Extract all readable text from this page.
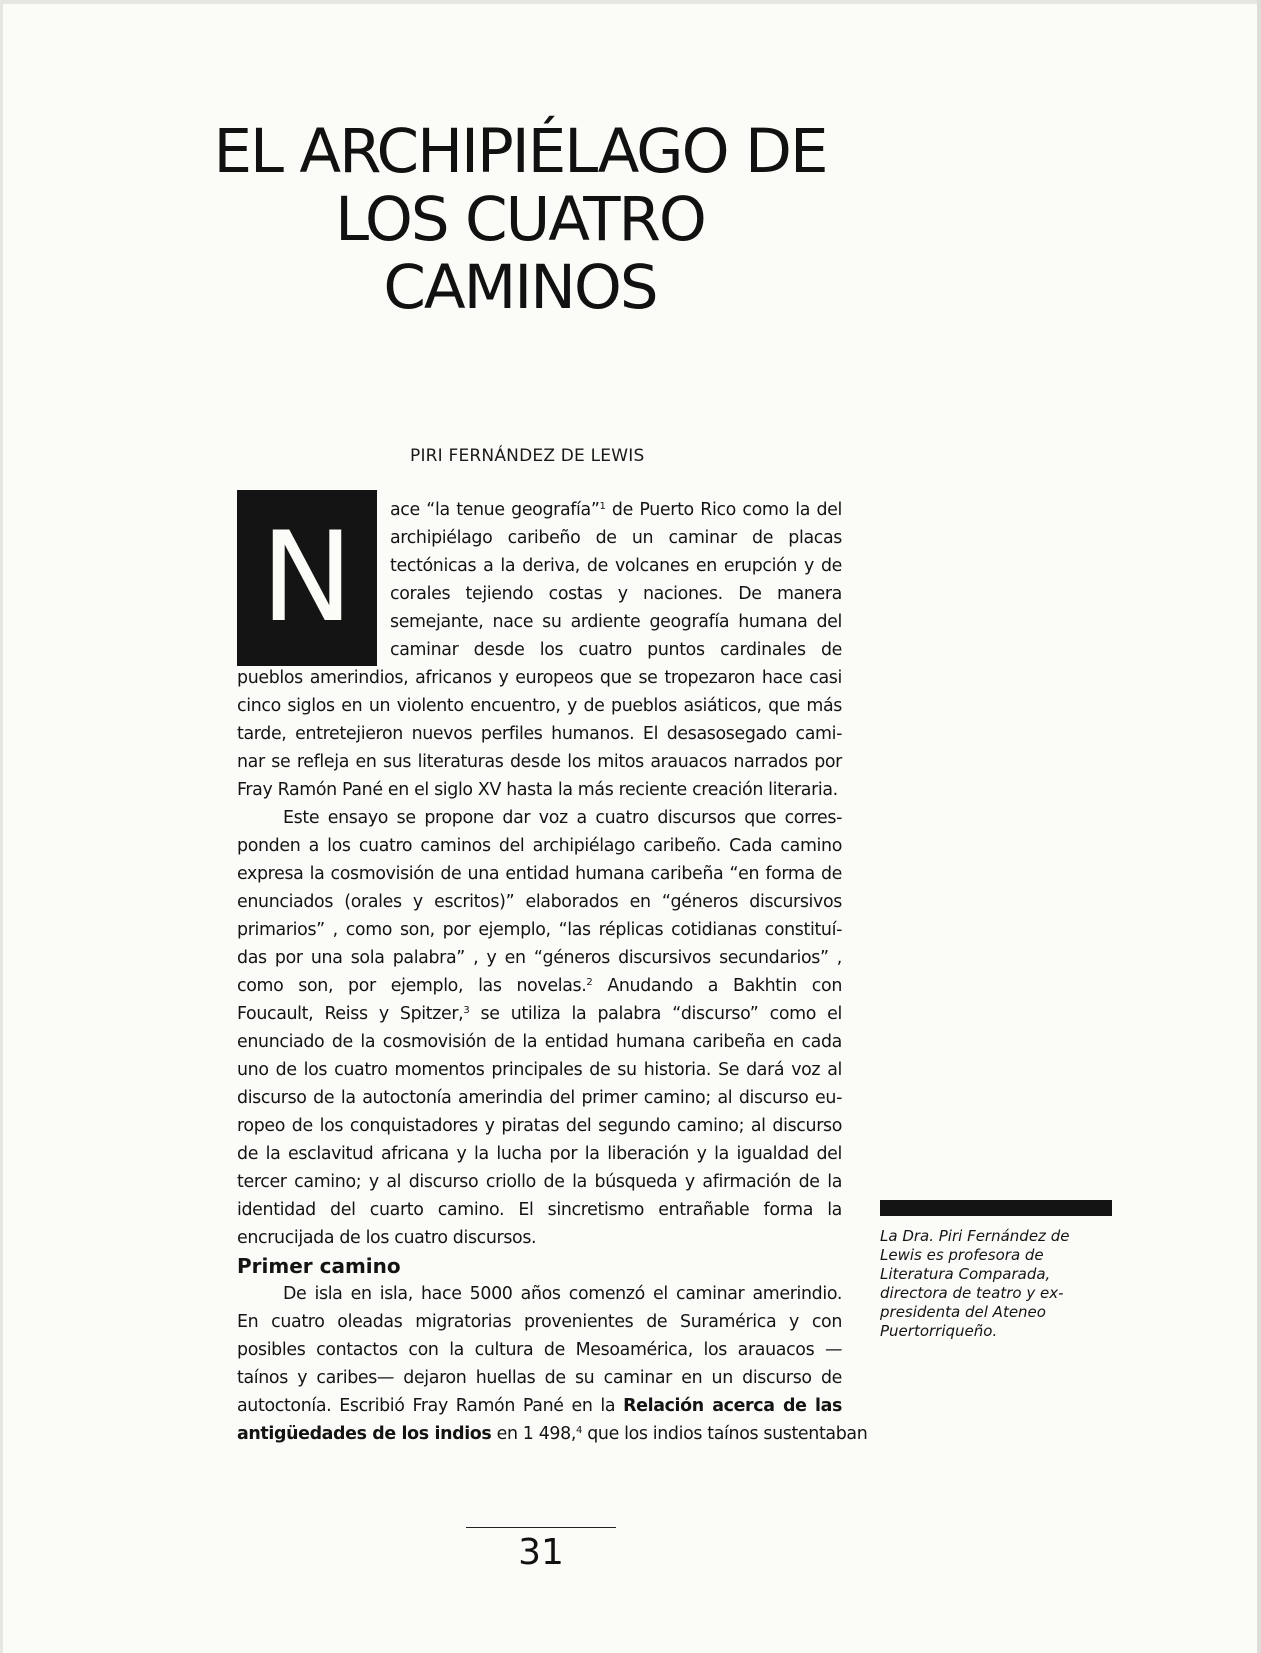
EL ARCHIPIÉLAGO DE
LOS CUATRO
CAMINOS
PIRI FERNÁNDEZ DE LEWIS
N	ace “la tenue geografía”$^1$ de Puerto Rico como la del
archipiélago caribeño de un caminar de placas
tectónicas a la deriva, de volcanes en erupción y de
corales tejiendo costas y naciones. De manera
semejante, nace su ardiente geografía humana del
caminar desde los cuatro puntos cardinales de
pueblos amerindios, africanos y europeos que se tropezaron hace casi
cinco siglos en un violento encuentro, y de pueblos asiáticos, que más
tarde, entretejieron nuevos perfiles humanos. El desasosegado cami-
nar se refleja en sus literaturas desde los mitos arauacos narrados por
Fray Ramón Pané en el siglo XV hasta la más reciente creación literaria.
Este ensayo se propone dar voz a cuatro discursos que corres-
ponden a los cuatro caminos del archipiélago caribeño. Cada camino
expresa la cosmovisión de una entidad humana caribeña “en forma de
enunciados (orales y escritos)” elaborados en “géneros discursivos
primarios” , como son, por ejemplo, “las réplicas cotidianas constituí-
das por una sola palabra” , y en “géneros discursivos secundarios” ,
como son, por ejemplo, las novelas.$^2$ Anudando a Bakhtin con
Foucault, Reiss y Spitzer,$^3$ se utiliza la palabra “discurso” como el
enunciado de la cosmovisión de la entidad humana caribeña en cada
uno de los cuatro momentos principales de su historia. Se dará voz al
discurso de la autoctonía amerindia del primer camino; al discurso eu-
ropeo de los conquistadores y piratas del segundo camino; al discurso
de la esclavitud africana y la lucha por la liberación y la igualdad del
tercer camino; y al discurso criollo de la búsqueda y afirmación de la
identidad del cuarto camino. El sincretismo entrañable forma la
encrucijada de los cuatro discursos.
Primer camino
De isla en isla, hace 5000 años comenzó el caminar amerindio.
En cuatro oleadas migratorias provenientes de Suramérica y con
posibles contactos con la cultura de Mesoamérica, los arauacos —
taínos y caribes— dejaron huellas de su caminar en un discurso de
autoctonía. Escribió Fray Ramón Pané en la Relación acerca de las
antigüedades de los indios en 1 498,$^4$ que los indios taínos sustentaban
La Dra. Piri Fernández de Lewis es profesora de Literatura Comparada, directora de teatro y ex-presidenta del Ateneo Puertorriqueño.
31
